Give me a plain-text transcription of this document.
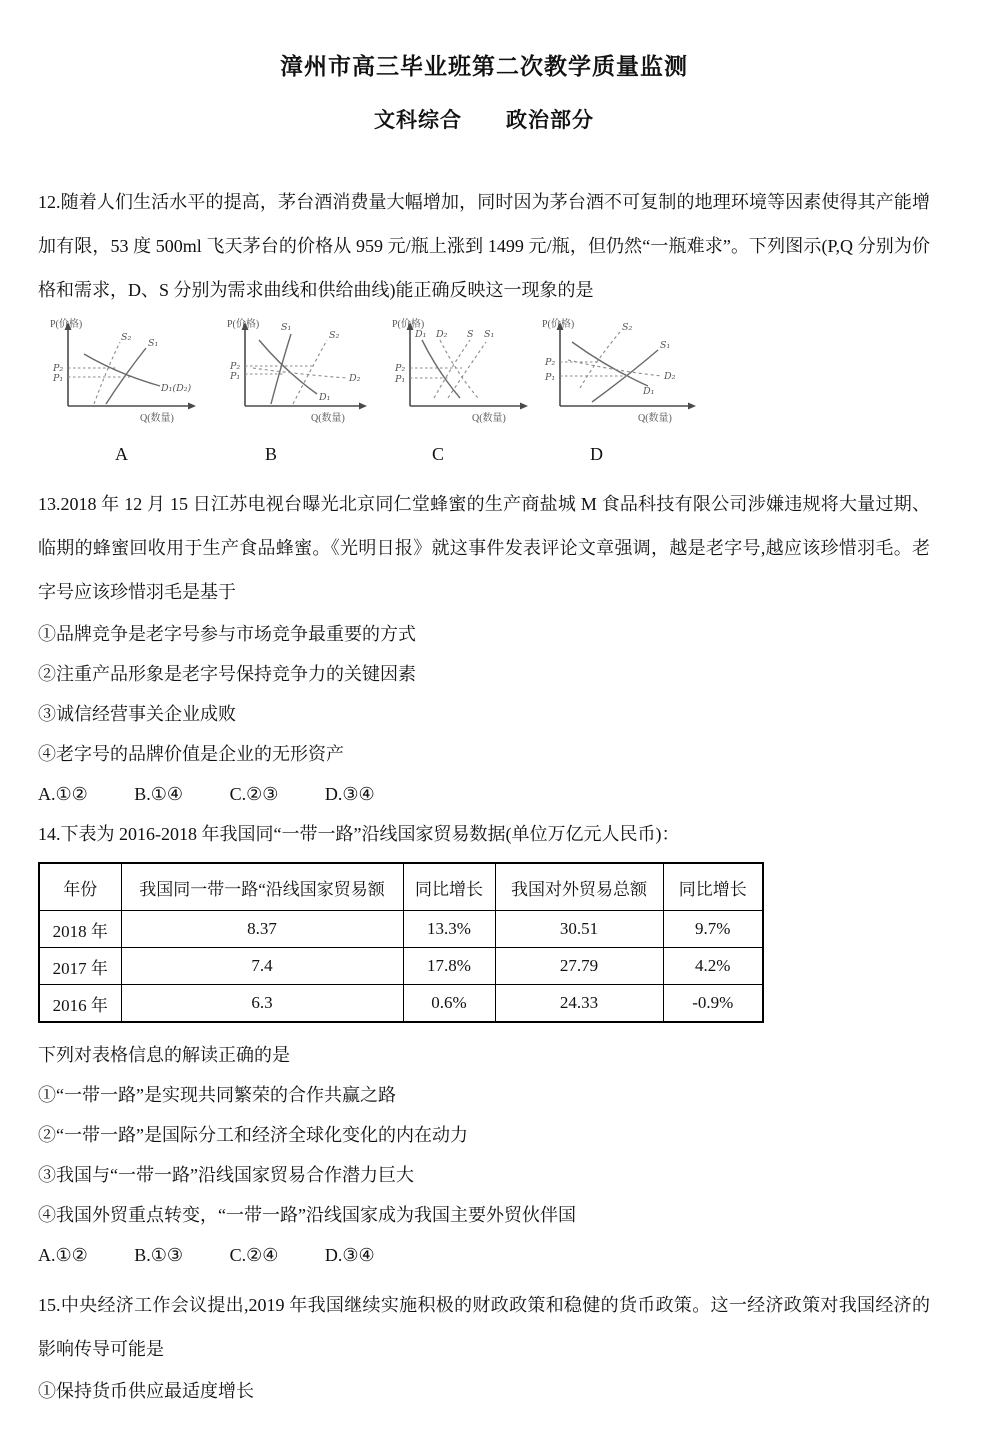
漳州市高三毕业班第二次教学质量监测
文科综合　　政治部分

12.随着人们生活水平的提高，茅台酒消费量大幅增加，同时因为茅台酒不可复制的地理环境等因素使得其产能增加有限，53 度 500ml 飞天茅台的价格从 959 元/瓶上涨到 1499 元/瓶，但仍然“一瓶难求”。下列图示(P,Q 分别为价格和需求，D、S 分别为需求曲线和供给曲线)能正确反映这一现象的是

P(价格)
Q(数量)
S₂
S₁
D₁(D₂)
P₂
P₁
P(价格)
Q(数量)
S₁
S₂
D₁
D₂
P₂
P₁
P(价格)
Q(数量)
D₁ D₂ S S₁
P₂
P₁
P(价格)
Q(数量)
S₂
S₁
D₂
D₁
P₂
P₁
A	B	C	D

13.2018 年 12 月 15 日江苏电视台曝光北京同仁堂蜂蜜的生产商盐城 M 食品科技有限公司涉嫌违规将大量过期、临期的蜂蜜回收用于生产食品蜂蜜。《光明日报》就这事件发表评论文章强调，越是老字号,越应该珍惜羽毛。老字号应该珍惜羽毛是基于

①品牌竞争是老字号参与市场竞争最重要的方式

②注重产品形象是老字号保持竞争力的关键因素

③诚信经营事关企业成败

④老字号的品牌价值是企业的无形资产

A.①②	B.①④	C.②③	D.③④

14.下表为 2016-2018 年我国同“一带一路”沿线国家贸易数据(单位万亿元人民币)：

年份	我国同一带一路“沿线国家贸易额	同比增长	我国对外贸易总额	同比增长
2018 年	8.37	13.3%	30.51	9.7%
2017 年	7.4	17.8%	27.79	4.2%
2016 年	6.3	0.6%	24.33	-0.9%

下列对表格信息的解读正确的是

①“一带一路”是实现共同繁荣的合作共赢之路

②“一带一路”是国际分工和经济全球化变化的内在动力

③我国与“一带一路”沿线国家贸易合作潜力巨大

④我国外贸重点转变，“一带一路”沿线国家成为我国主要外贸伙伴国

A.①②	B.①③	C.②④	D.③④

15.中央经济工作会议提出,2019 年我国继续实施积极的财政政策和稳健的货币政策。这一经济政策对我国经济的影响传导可能是

①保持货币供应最适度增长
